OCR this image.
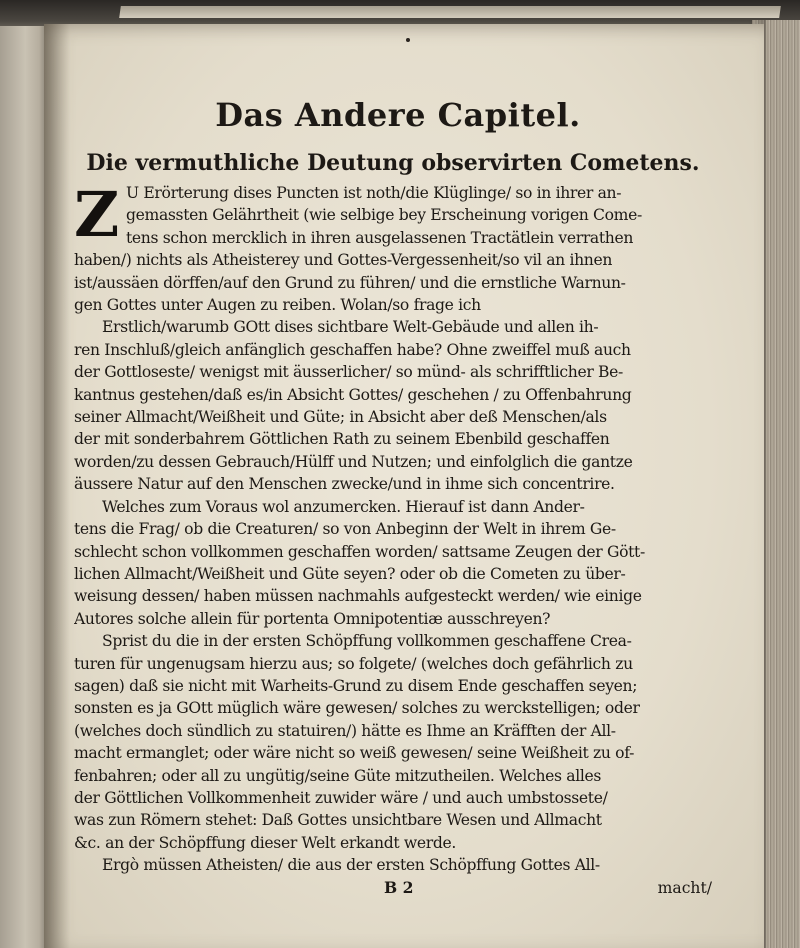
Das Andere Capitel.
Die vermuthliche Deutung observirten Cometens.
Z U Erörterung dises Puncten ist noth/die Klüglinge/ so in ihrer an-
gemassten Gelährtheit (wie selbige bey Erscheinung vorigen Come-
tens schon mercklich in ihren ausgelassenen Tractätlein verrathen
haben/) nichts als Atheisterey und Gottes-Vergessenheit/so vil an ihnen
ist/aussäen dörffen/auf den Grund zu führen/ und die ernstliche Warnun-
gen Gottes unter Augen zu reiben. Wolan/so frage ich
Erstlich/warumb GOtt dises sichtbare Welt-Gebäude und allen ih-
ren Inschluß/gleich anfänglich geschaffen habe? Ohne zweiffel muß auch
der Gottloseste/ wenigst mit äusserlicher/ so münd- als schrifftlicher Be-
kantnus gestehen/daß es/in Absicht Gottes/ geschehen / zu Offenbahrung
seiner Allmacht/Weißheit und Güte; in Absicht aber deß Menschen/als
der mit sonderbahrem Göttlichen Rath zu seinem Ebenbild geschaffen
worden/zu dessen Gebrauch/Hülff und Nutzen; und einfolglich die gantze
äussere Natur auf den Menschen zwecke/und in ihme sich concentrire.
Welches zum Voraus wol anzumercken. Hierauf ist dann Ander-
tens die Frag/ ob die Creaturen/ so von Anbeginn der Welt in ihrem Ge-
schlecht schon vollkommen geschaffen worden/ sattsame Zeugen der Gött-
lichen Allmacht/Weißheit und Güte seyen? oder ob die Cometen zu über-
weisung dessen/ haben müssen nachmahls aufgesteckt werden/ wie einige
Autores solche allein für portenta Omnipotentiæ ausschreyen?
Sprist du die in der ersten Schöpffung vollkommen geschaffene Crea-
turen für ungenugsam hierzu aus; so folgete/ (welches doch gefährlich zu
sagen) daß sie nicht mit Warheits-Grund zu disem Ende geschaffen seyen;
sonsten es ja GOtt müglich wäre gewesen/ solches zu werckstelligen; oder
(welches doch sündlich zu statuiren/) hätte es Ihme an Kräfften der All-
macht ermanglet; oder wäre nicht so weiß gewesen/ seine Weißheit zu of-
fenbahren; oder all zu ungütig/seine Güte mitzutheilen. Welches alles
der Göttlichen Vollkommenheit zuwider wäre / und auch umbstossete/
was zun Römern stehet: Daß Gottes unsichtbare Wesen und Allmacht
&c. an der Schöpffung dieser Welt erkandt werde.
Ergò müssen Atheisten/ die aus der ersten Schöpffung Gottes All-
B 2	macht/
